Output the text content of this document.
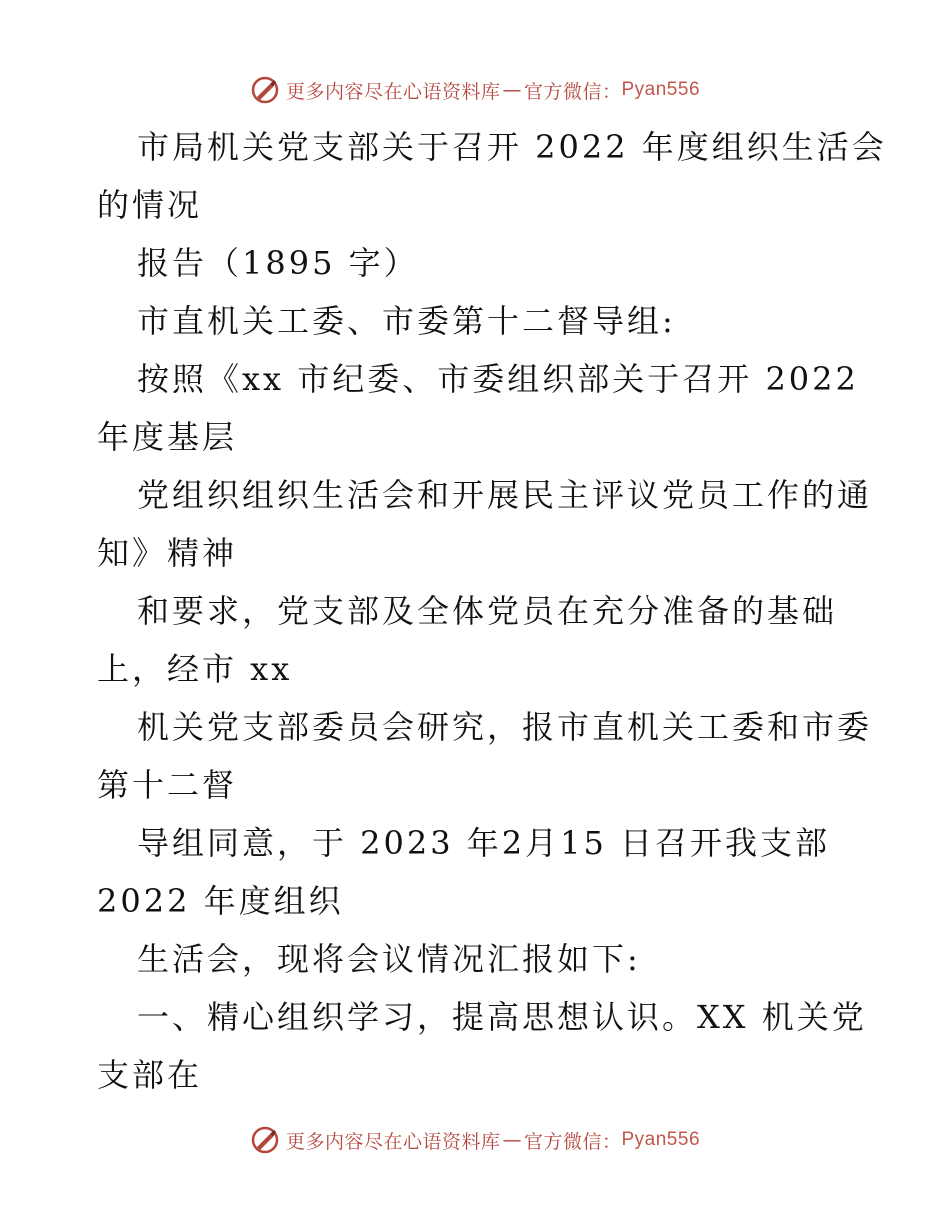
更多内容尽在心语资料库 — 官方微信： Pyan556
市局机关党支部关于召开 2022 年度组织生活会
的情况
报告（1895 字）
市直机关工委、市委第十二督导组:
按照《xx 市纪委、市委组织部关于召开 2022
年度基层
党组织组织生活会和开展民主评议党员工作的通
知》精神
和要求，党支部及全体党员在充分准备的基础
上，经市 xx
机关党支部委员会研究，报市直机关工委和市委
第十二督
导组同意，于 2023 年2月15 日召开我支部
2022 年度组织
生活会，现将会议情况汇报如下:
一、精心组织学习，提高思想认识。XX 机关党
支部在
更多内容尽在心语资料库 — 官方微信： Pyan556
